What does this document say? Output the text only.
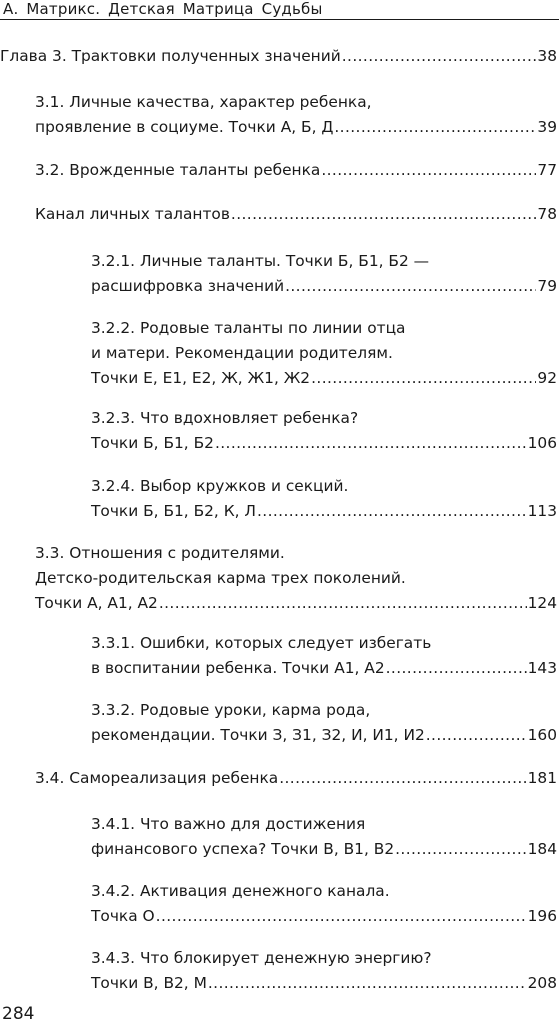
А. Матрикс. Детская Матрица Судьбы
Глава 3. Трактовки полученных значений .....	38
3.1. Личные качества, характер ребенка,
проявление в социуме. Точки А, Б, Д .....	39
3.2. Врожденные таланты ребенка .....	77
Канал личных талантов .....	78
3.2.1. Личные таланты. Точки Б, Б1, Б2 —
расшифровка значений .....	79
3.2.2. Родовые таланты по линии отца
и матери. Рекомендации родителям.
Точки Е, Е1, Е2, Ж, Ж1, Ж2 .....	92
3.2.3. Что вдохновляет ребенка?
Точки Б, Б1, Б2 .....	106
3.2.4. Выбор кружков и секций.
Точки Б, Б1, Б2, К, Л .....	113
3.3. Отношения с родителями.
Детско-родительская карма трех поколений.
Точки А, А1, А2 .....	124
3.3.1. Ошибки, которых следует избегать
в воспитании ребенка. Точки А1, А2 .....	143
3.3.2. Родовые уроки, карма рода,
рекомендации. Точки З, З1, З2, И, И1, И2 .....	160
3.4. Самореализация ребенка .....	181
3.4.1. Что важно для достижения
финансового успеха? Точки В, В1, В2 .....	184
3.4.2. Активация денежного канала.
Точка О .....	196
3.4.3. Что блокирует денежную энергию?
Точки В, В2, М .....	208
284
